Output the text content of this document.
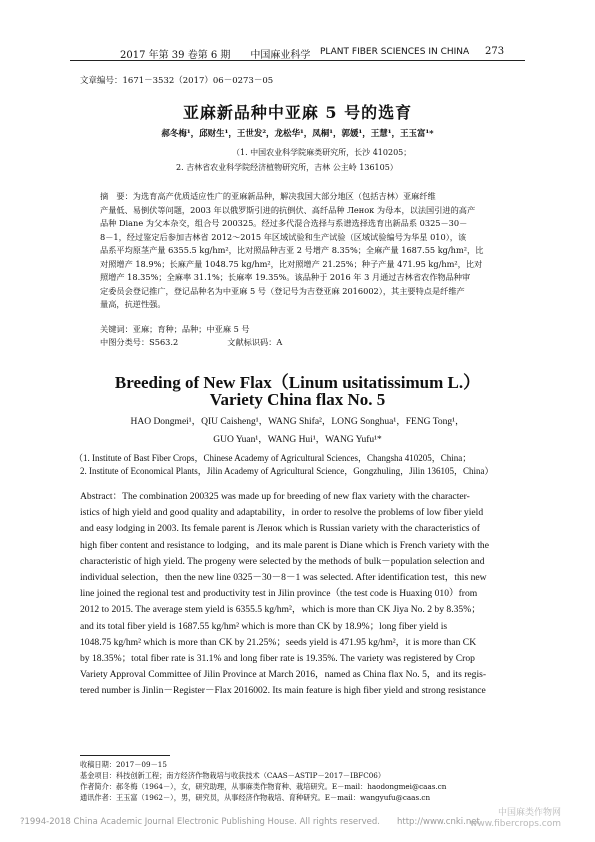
2017 年第 39 卷第 6 期　　中国麻业科学 PLANT FIBER SCIENCES IN CHINA 273
文章编号：1671－3532（2017）06－0273－05
亚麻新品种中亚麻 5 号的选育
郝冬梅¹，邱财生¹，王世发²，龙松华¹，凤桐¹，郭媛¹，王慧¹，王玉富¹*
（1. 中国农业科学院麻类研究所，长沙 410205；
2. 吉林省农业科学院经济植物研究所，吉林 公主岭 136105）
摘　要：为选育高产优质适应性广的亚麻新品种，解决我国大部分地区（包括吉林）亚麻纤维
产量低、易倒伏等问题，2003 年以俄罗斯引进的抗倒伏、高纤品种 Ленок 为母本，以法国引进的高产
品种 Diane 为父本杂交，组合号 200325。经过多代混合选择与系谱选择选育出新品系 0325－30－
8－1，经过鉴定后参加吉林省 2012～2015 年区域试验和生产试验（区域试验编号为华星 010），该
品系平均原茎产量 6355.5 kg/hm²，比对照品种吉亚 2 号增产 8.35%；全麻产量 1687.55 kg/hm²，比
对照增产 18.9%；长麻产量 1048.75 kg/hm²，比对照增产 21.25%；种子产量 471.95 kg/hm²，比对
照增产 18.35%；全麻率 31.1%；长麻率 19.35%。该品种于 2016 年 3 月通过吉林省农作物品种审
定委员会登记推广，登记品种名为中亚麻 5 号（登记号为吉登亚麻 2016002），其主要特点是纤维产
量高，抗逆性强。
关键词：亚麻；育种；品种；中亚麻 5 号
中图分类号：S563.2　　　　　　文献标识码：A
Breeding of New Flax（Linum usitatissimum L.）
Variety China flax No. 5
HAO Dongmei¹，QIU Caisheng¹，WANG Shifa²，LONG Songhua¹，FENG Tong¹，
GUO Yuan¹，WANG Hui¹，WANG Yufu¹*
（1. Institute of Bast Fiber Crops，Chinese Academy of Agricultural Sciences，Changsha 410205，China；
2. Institute of Economical Plants，Jilin Academy of Agricultural Science，Gongzhuling，Jilin 136105，China）
Abstract：The combination 200325 was made up for breeding of new flax variety with the character-
istics of high yield and good quality and adaptability，in order to resolve the problems of low fiber yield
and easy lodging in 2003. Its female parent is Ленок which is Russian variety with the characteristics of
high fiber content and resistance to lodging，and its male parent is Diane which is French variety with the
characteristic of high yield. The progeny were selected by the methods of bulk－population selection and
individual selection，then the new line 0325－30－8－1 was selected. After identification test，this new
line joined the regional test and productivity test in Jilin province（the test code is Huaxing 010）from
2012 to 2015. The average stem yield is 6355.5 kg/hm²，which is more than CK Jiya No. 2 by 8.35%；
and its total fiber yield is 1687.55 kg/hm² which is more than CK by 18.9%；long fiber yield is
1048.75 kg/hm² which is more than CK by 21.25%；seeds yield is 471.95 kg/hm²，it is more than CK
by 18.35%；total fiber rate is 31.1% and long fiber rate is 19.35%. The variety was registered by Crop
Variety Approval Committee of Jilin Province at March 2016，named as China flax No. 5，and its regis-
tered number is Jinlin－Register－Flax 2016002. Its main feature is high fiber yield and strong resistance
收稿日期：2017－09－15
基金项目：科技创新工程；南方经济作物栽培与收获技术（CAAS－ASTIP－2017－IBFC06）
作者简介：郝冬梅（1964－），女，研究助理，从事麻类作物育种、栽培研究。E－mail：haodongmei@caas.cn
通讯作者：王玉富（1962－），男，研究员，从事经济作物栽培、育种研究。E－mail：wangyufu@caas.cn
?1994-2018 China Academic Journal Electronic Publishing House. All rights reserved.　　http://www.cnki.net
中国麻类作物网
www.fibercrops.com
